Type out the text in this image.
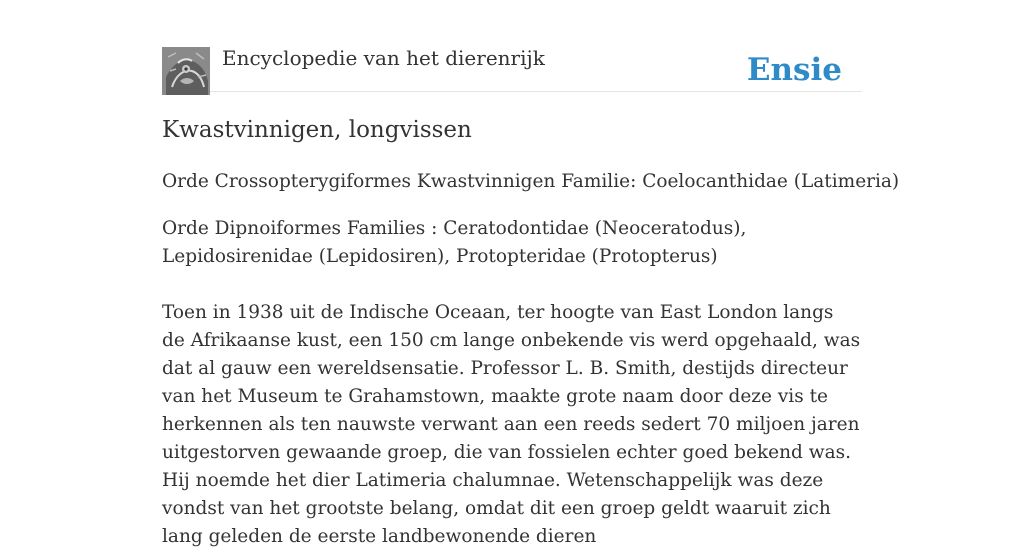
Encyclopedie van het dierenrijk	Ensie
Kwastvinnigen, longvissen

Orde Crossopterygiformes Kwastvinnigen Familie: Coelocanthidae (Latimeria)

Orde Dipnoiformes Families : Ceratodontidae (Neoceratodus), Lepidosirenidae (Lepidosiren), Protopteridae (Protopterus)

Toen in 1938 uit de Indische Oceaan, ter hoogte van East London langs de Afrikaanse kust, een 150 cm lange onbekende vis werd opgehaald, was dat al gauw een wereldsensatie. Professor L. B. Smith, destijds directeur van het Museum te Grahamstown, maakte grote naam door deze vis te herkennen als ten nauwste verwant aan een reeds sedert 70 miljoen jaren uitgestorven gewaande groep, die van fossielen echter goed bekend was. Hij noemde het dier Latimeria chalumnae. Wetenschappelijk was deze vondst van het grootste belang, omdat dit een groep geldt waaruit zich lang geleden de eerste landbewonende dieren
